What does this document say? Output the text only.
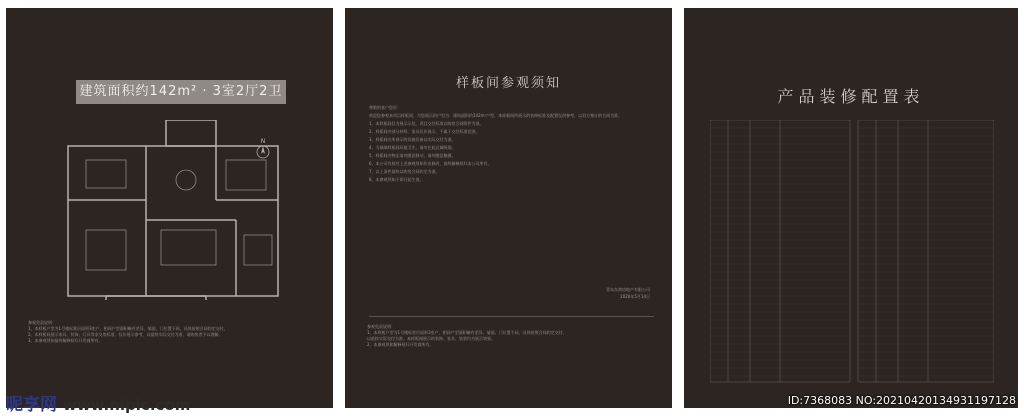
建筑面积约142m² · 3室2厅2卫
N
参观免责说明：
1、本样板户型为1号楼标准层面积3室户，相同户型面积略有差异，墙面、门位置不同，具体按照合同约定交付。
2、本样板间展示家具、装饰、灯具等非交房标准，仅作展示参考，以最终实际交付为准，请购房者予以理解。
3、本参观须知最终解释权归开发商所有。
样板间参观须知
尊敬的客户您好：
欢迎您参观本项目样板间，为您展示的户型为：建筑面积约142m²户型，本样板间所展示的装修标准及配置仅供参考，以双方签订的合同为准。
1、本样板间仅为展示示范，项目交付标准以购房合同附件为准。
2、样板间内部分材料、家具仅作展示，不属于交付标准范围。
3、样板间内所展示的设施设备以实际交付为准。
4、为保障样板间环境卫生，请勿在此区域吸烟。
5、样板间内物品请勿随意移动，请勿随意触摸。
6、本公司有权对上述参观须知作出修改，最终解释权归本公司所有。
7、以上条件最终以购房合同约定为准。
8、本参观须知于即日起生效。
青岛东鸿房地产有限公司
2020年5月14日
参观免责说明：
1、本样板户型为1号楼标准层面积3室户，相同户型面积略有差异，墙面、门位置不同，具体按照合同约定交付，
以最终实际交付为准。本样板间展示的装饰、家具、软装均为展示效果。
2、本参观须知解释权归开发商所有。
产品装修配置表
昵享网 www.nipic.com	ID:7368083 NO:20210420134931197128
